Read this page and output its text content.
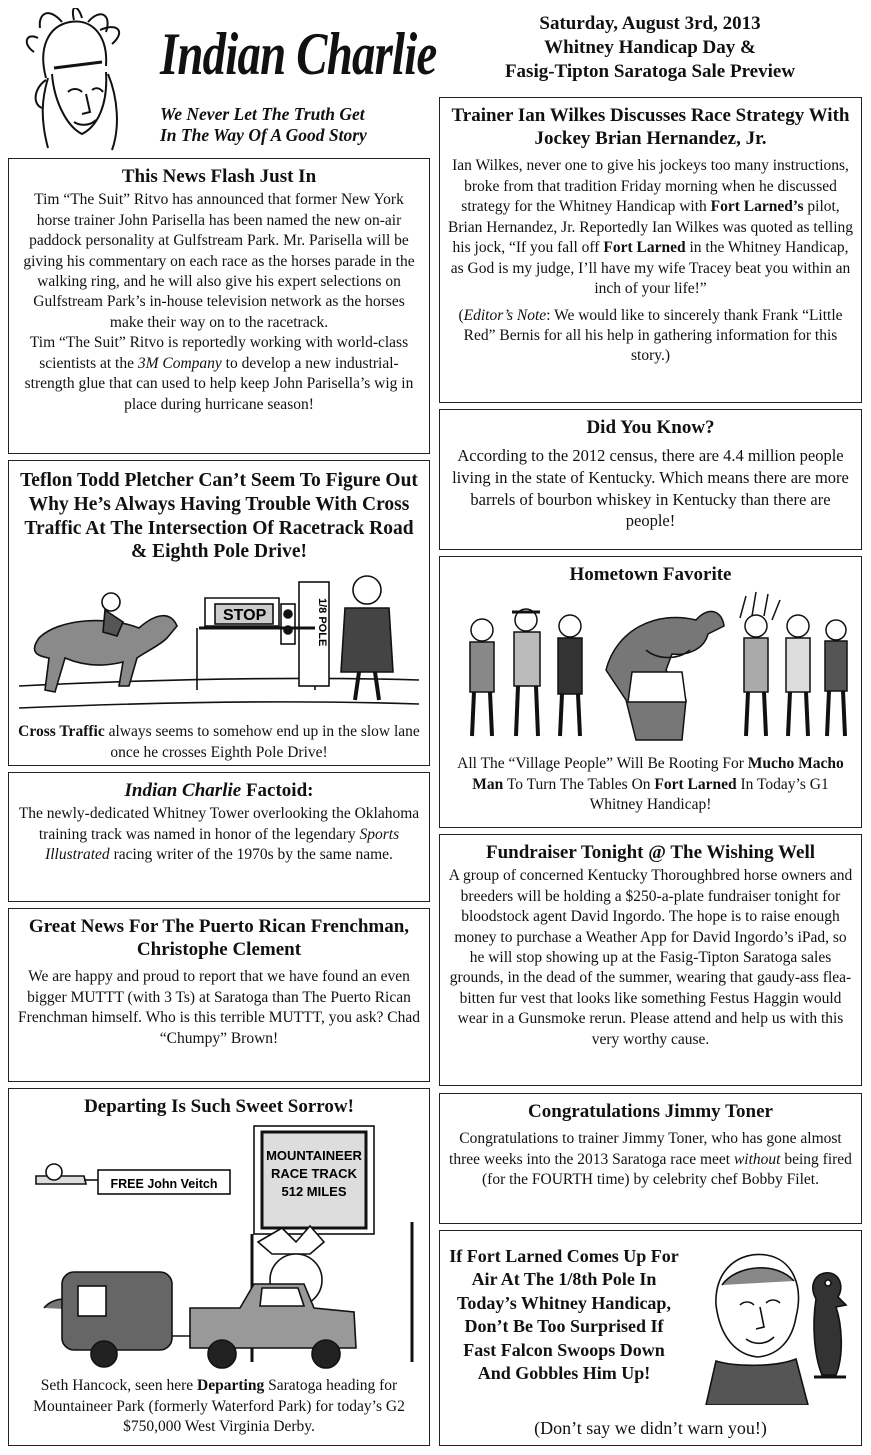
Indian Charlie
We Never Let The Truth Get
In The Way Of A Good Story
Saturday, August 3rd, 2013
Whitney Handicap Day &
Fasig-Tipton Saratoga Sale Preview
This News Flash Just In

Tim “The Suit” Ritvo has announced that former New York horse trainer John Parisella has been named the new on-air paddock personality at Gulfstream Park. Mr. Parisella will be giving his commentary on each race as the horses parade in the walking ring, and he will also give his expert selections on Gulfstream Park’s in-house television network as the horses make their way on to the racetrack.

Tim “The Suit” Ritvo is reportedly working with world-class scientists at the 3M Company to develop a new industrial-strength glue that can used to help keep John Parisella’s wig in place during hurricane season!

Teflon Todd Pletcher Can’t Seem To Figure Out Why He’s Always Having Trouble With Cross Traffic At The Intersection Of Racetrack Road & Eighth Pole Drive!
STOP	1/8 POLE

Cross Traffic always seems to somehow end up in the slow lane once he crosses Eighth Pole Drive!

Indian Charlie Factoid:

The newly-dedicated Whitney Tower overlooking the Oklahoma training track was named in honor of the legendary Sports Illustrated racing writer of the 1970s by the same name.

Great News For The Puerto Rican Frenchman, Christophe Clement

We are happy and proud to report that we have found an even bigger MUTTT (with 3 Ts) at Saratoga than The Puerto Rican Frenchman himself. Who is this terrible MUTTT, you ask? Chad “Chumpy” Brown!

Departing Is Such Sweet Sorrow!
FREE John Veitch
MOUNTAINEER
RACE TRACK
512 MILES

Seth Hancock, seen here Departing Saratoga heading for Mountaineer Park (formerly Waterford Park) for today’s G2 $750,000 West Virginia Derby.

Trainer Ian Wilkes Discusses Race Strategy With Jockey Brian Hernandez, Jr.

Ian Wilkes, never one to give his jockeys too many instructions, broke from that tradition Friday morning when he discussed strategy for the Whitney Handicap with Fort Larned’s pilot, Brian Hernandez, Jr. Reportedly Ian Wilkes was quoted as telling his jock, “If you fall off Fort Larned in the Whitney Handicap, as God is my judge, I’ll have my wife Tracey beat you within an inch of your life!”

(Editor’s Note: We would like to sincerely thank Frank “Little Red” Bernis for all his help in gathering information for this story.)

Did You Know?

According to the 2012 census, there are 4.4 million people living in the state of Kentucky. Which means there are more barrels of bourbon whiskey in Kentucky than there are people!

Hometown Favorite

All The “Village People” Will Be Rooting For Mucho Macho Man To Turn The Tables On Fort Larned In Today’s G1 Whitney Handicap!

Fundraiser Tonight @ The Wishing Well

A group of concerned Kentucky Thoroughbred horse owners and breeders will be holding a $250-a-plate fundraiser tonight for bloodstock agent David Ingordo. The hope is to raise enough money to purchase a Weather App for David Ingordo’s iPad, so he will stop showing up at the Fasig-Tipton Saratoga sales grounds, in the dead of the summer, wearing that gaudy-ass flea-bitten fur vest that looks like something Festus Haggin would wear in a Gunsmoke rerun. Please attend and help us with this very worthy cause.

Congratulations Jimmy Toner

Congratulations to trainer Jimmy Toner, who has gone almost three weeks into the 2013 Saratoga race meet without being fired (for the FOURTH time) by celebrity chef Bobby Filet.

If Fort Larned Comes Up For Air At The 1/8th Pole In Today’s Whitney Handicap, Don’t Be Too Surprised If Fast Falcon Swoops Down And Gobbles Him Up!

(Don’t say we didn’t warn you!)
